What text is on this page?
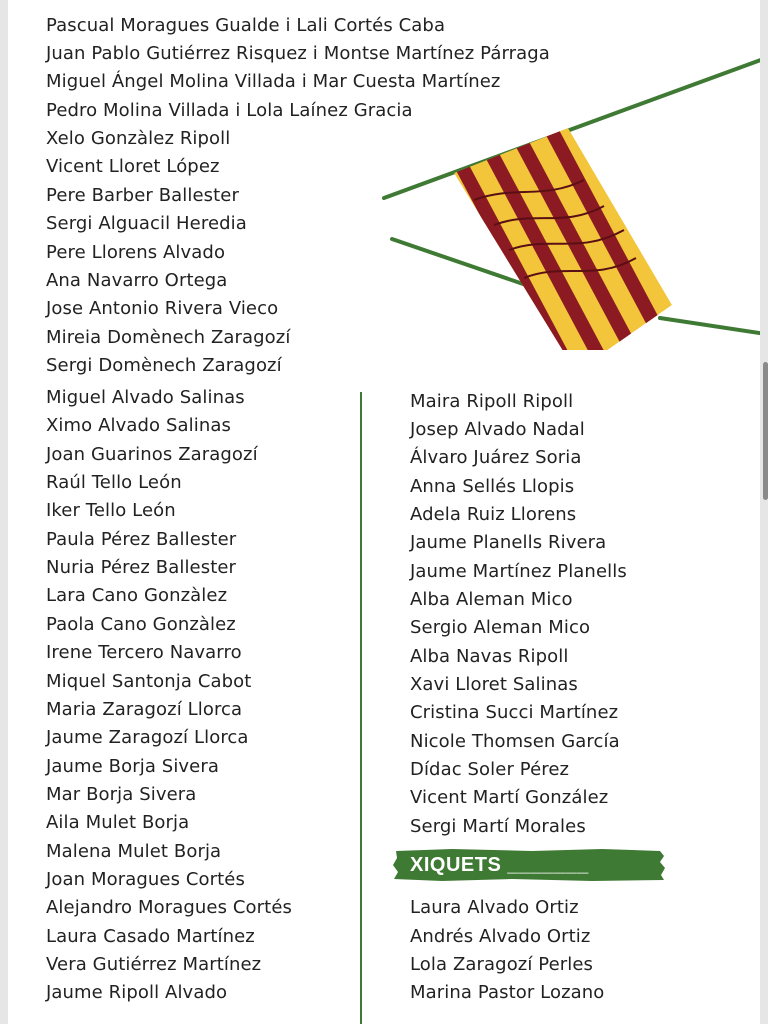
Pascual Moragues Gualde i Lali Cortés Caba
Juan Pablo Gutiérrez Risquez i Montse Martínez Párraga
Miguel Ángel Molina Villada i Mar Cuesta Martínez
Pedro Molina Villada i Lola Laínez Gracia
Xelo Gonzàlez Ripoll
Vicent Lloret López
Pere Barber Ballester
Sergi Alguacil Heredia
Pere Llorens Alvado
Ana Navarro Ortega
Jose Antonio Rivera Vieco
Mireia Domènech Zaragozí
Sergi Domènech Zaragozí
Miguel Alvado Salinas
Ximo Alvado Salinas
Joan Guarinos Zaragozí
Raúl Tello León
Iker Tello León
Paula Pérez Ballester
Nuria Pérez Ballester
Lara Cano Gonzàlez
Paola Cano Gonzàlez
Irene Tercero Navarro
Miquel Santonja Cabot
Maria Zaragozí Llorca
Jaume Zaragozí Llorca
Jaume Borja Sivera
Mar Borja Sivera
Aila Mulet Borja
Malena Mulet Borja
Joan Moragues Cortés
Alejandro Moragues Cortés
Laura Casado Martínez
Vera Gutiérrez Martínez
Jaume Ripoll Alvado
Maira Ripoll Ripoll
Josep Alvado Nadal
Álvaro Juárez Soria
Anna Sellés Llopis
Adela Ruiz Llorens
Jaume Planells Rivera
Jaume Martínez Planells
Alba Aleman Mico
Sergio Aleman Mico
Alba Navas Ripoll
Xavi Lloret Salinas
Cristina Succi Martínez
Nicole Thomsen García
Dídac Soler Pérez
Vicent Martí González
Sergi Martí Morales
XIQUETS _______
Laura Alvado Ortiz
Andrés Alvado Ortiz
Lola Zaragozí Perles
Marina Pastor Lozano
